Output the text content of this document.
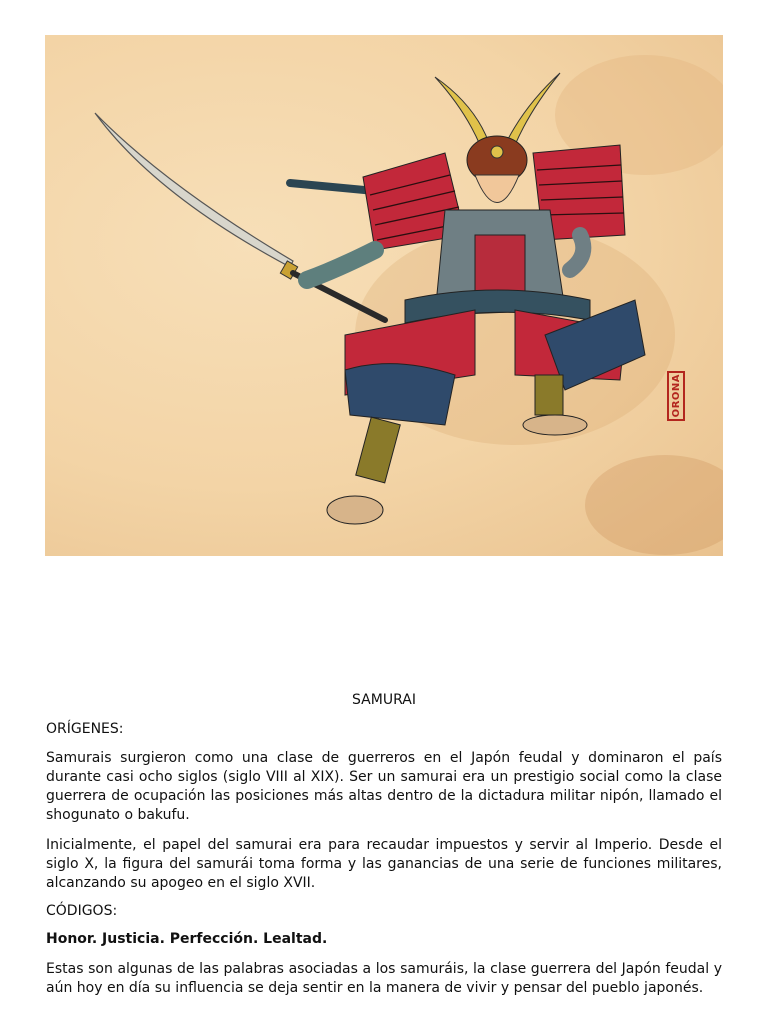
ORONA
SAMURAI
ORÍGENES:
Samurais surgieron como una clase de guerreros en el Japón feudal y dominaron el país durante casi ocho siglos (siglo VIII al XIX). Ser un samurai era un prestigio social como la clase guerrera de ocupación las posiciones más altas dentro de la dictadura militar nipón, llamado el shogunato o bakufu.
Inicialmente, el papel del samurai era para recaudar impuestos y servir al Imperio. Desde el siglo X, la figura del samurái toma forma y las ganancias de una serie de funciones militares, alcanzando su apogeo en el siglo XVII.
CÓDIGOS:
Honor. Justicia. Perfección. Lealtad.
Estas son algunas de las palabras asociadas a los samuráis, la clase guerrera del Japón feudal y aún hoy en día su influencia se deja sentir en la manera de vivir y pensar del pueblo japonés.
